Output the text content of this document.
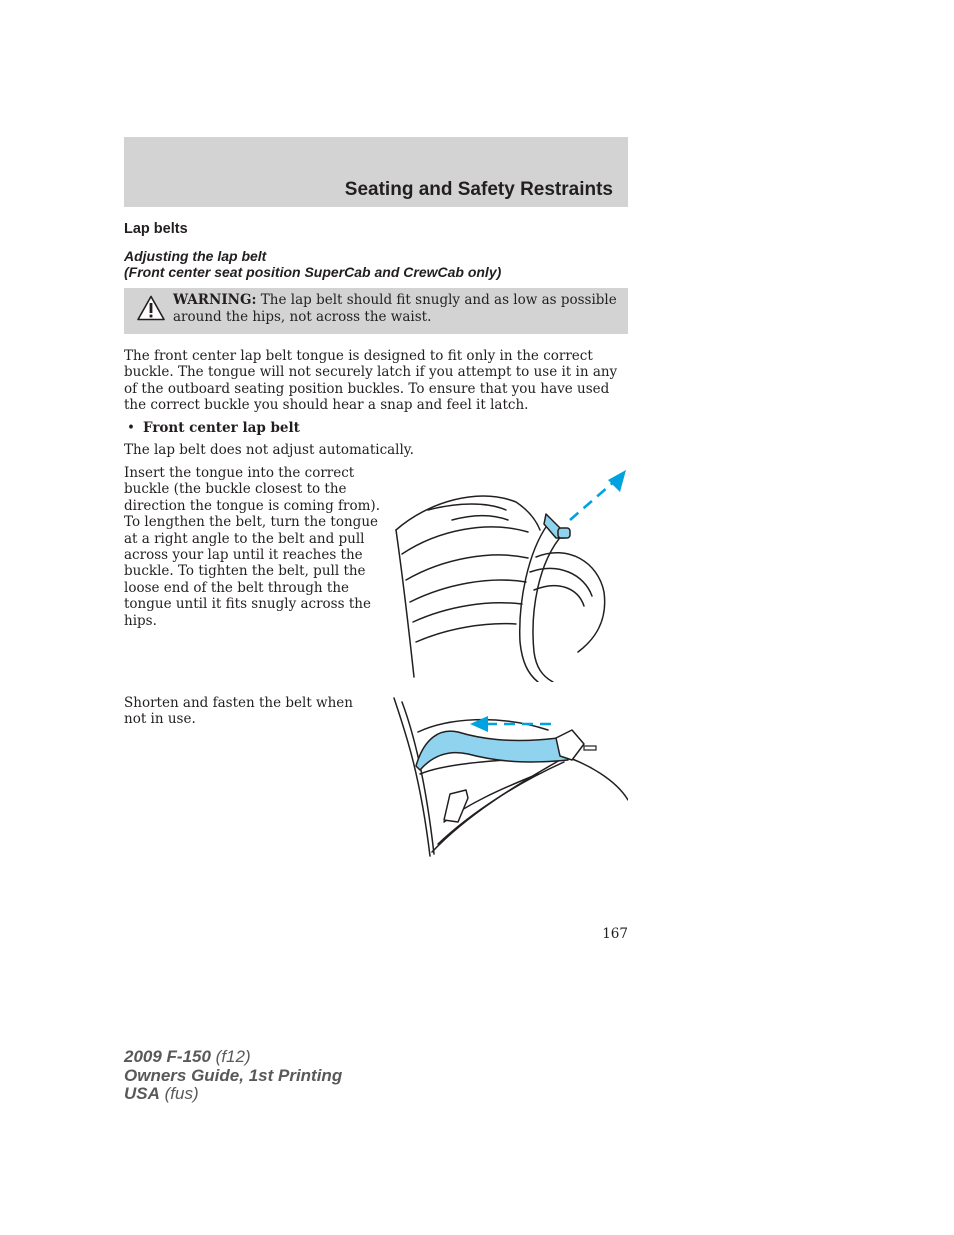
Seating and Safety Restraints
Lap belts
Adjusting the lap belt
(Front center seat position SuperCab and CrewCab only)
WARNING: The lap belt should fit snugly and as low as possible around the hips, not across the waist.
The front center lap belt tongue is designed to fit only in the correct buckle. The tongue will not securely latch if you attempt to use it in any of the outboard seating position buckles. To ensure that you have used the correct buckle you should hear a snap and feel it latch.
• Front center lap belt
The lap belt does not adjust automatically.
Insert the tongue into the correct buckle (the buckle closest to the direction the tongue is coming from). To lengthen the belt, turn the tongue at a right angle to the belt and pull across your lap until it reaches the buckle. To tighten the belt, pull the loose end of the belt through the tongue until it fits snugly across the hips.
Shorten and fasten the belt when not in use.
167
2009 F-150 (f12)
Owners Guide, 1st Printing
USA (fus)
